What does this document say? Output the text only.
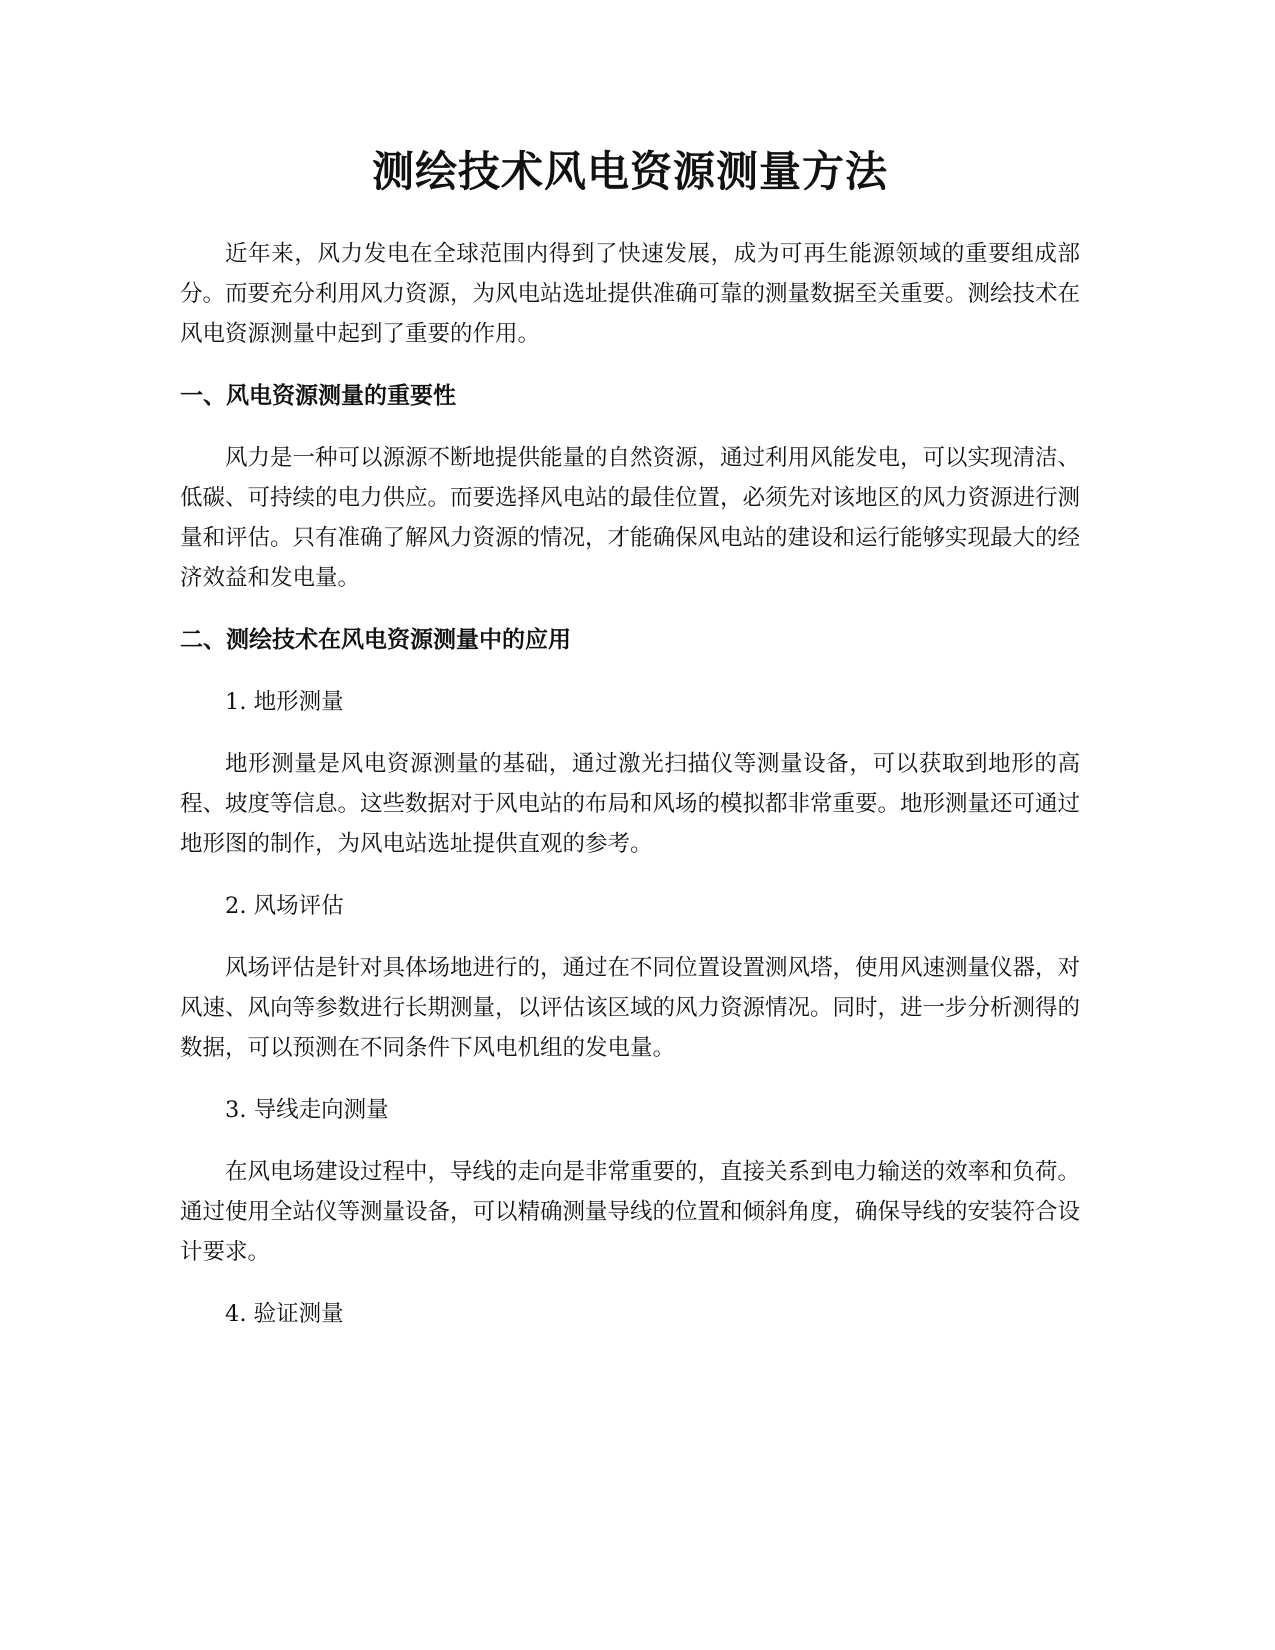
测绘技术风电资源测量方法

近年来，风力发电在全球范围内得到了快速发展，成为可再生能源领域的重要组成部分。而要充分利用风力资源，为风电站选址提供准确可靠的测量数据至关重要。测绘技术在风电资源测量中起到了重要的作用。

一、风电资源测量的重要性

风力是一种可以源源不断地提供能量的自然资源，通过利用风能发电，可以实现清洁、低碳、可持续的电力供应。而要选择风电站的最佳位置，必须先对该地区的风力资源进行测量和评估。只有准确了解风力资源的情况，才能确保风电站的建设和运行能够实现最大的经济效益和发电量。

二、测绘技术在风电资源测量中的应用

1. 地形测量

地形测量是风电资源测量的基础，通过激光扫描仪等测量设备，可以获取到地形的高程、坡度等信息。这些数据对于风电站的布局和风场的模拟都非常重要。地形测量还可通过地形图的制作，为风电站选址提供直观的参考。

2. 风场评估

风场评估是针对具体场地进行的，通过在不同位置设置测风塔，使用风速测量仪器，对风速、风向等参数进行长期测量，以评估该区域的风力资源情况。同时，进一步分析测得的数据，可以预测在不同条件下风电机组的发电量。

3. 导线走向测量

在风电场建设过程中，导线的走向是非常重要的，直接关系到电力输送的效率和负荷。通过使用全站仪等测量设备，可以精确测量导线的位置和倾斜角度，确保导线的安装符合设计要求。

4. 验证测量
